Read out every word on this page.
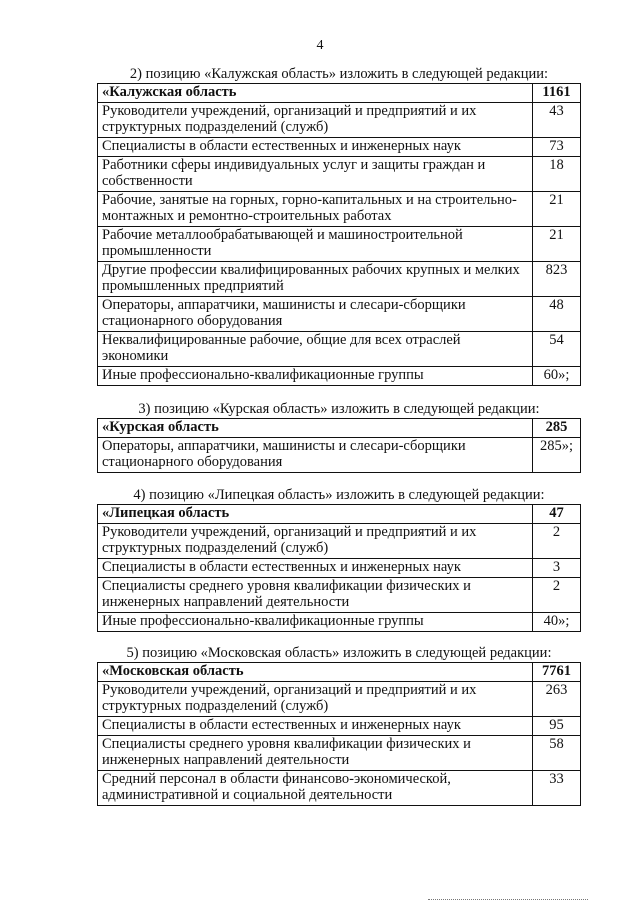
4
2) позицию «Калужская область» изложить в следующей редакции:
«Калужская область	1161
Руководители учреждений, организаций и предприятий и их структурных подразделений (служб)	43
Специалисты в области естественных и инженерных наук	73
Работники сферы индивидуальных услуг и защиты граждан и собственности	18
Рабочие, занятые на горных, горно-капитальных и на строительно-монтажных и ремонтно-строительных работах	21
Рабочие металлообрабатывающей и машиностроительной промышленности	21
Другие профессии квалифицированных рабочих крупных и мелких промышленных предприятий	823
Операторы, аппаратчики, машинисты и слесари-сборщики стационарного оборудования	48
Неквалифицированные рабочие, общие для всех отраслей экономики	54
Иные профессионально-квалификационные группы	60»;
3) позицию «Курская область» изложить в следующей редакции:
«Курская область	285
Операторы, аппаратчики, машинисты и слесари-сборщики стационарного оборудования	285»;
4) позицию «Липецкая область» изложить в следующей редакции:
«Липецкая область	47
Руководители учреждений, организаций и предприятий и их структурных подразделений (служб)	2
Специалисты в области естественных и инженерных наук	3
Специалисты среднего уровня квалификации физических и инженерных направлений деятельности	2
Иные профессионально-квалификационные группы	40»;
5) позицию «Московская область» изложить в следующей редакции:
«Московская область	7761
Руководители учреждений, организаций и предприятий и их структурных подразделений (служб)	263
Специалисты в области естественных и инженерных наук	95
Специалисты среднего уровня квалификации физических и инженерных направлений деятельности	58
Средний персонал в области финансово-экономической, административной и социальной деятельности	33
